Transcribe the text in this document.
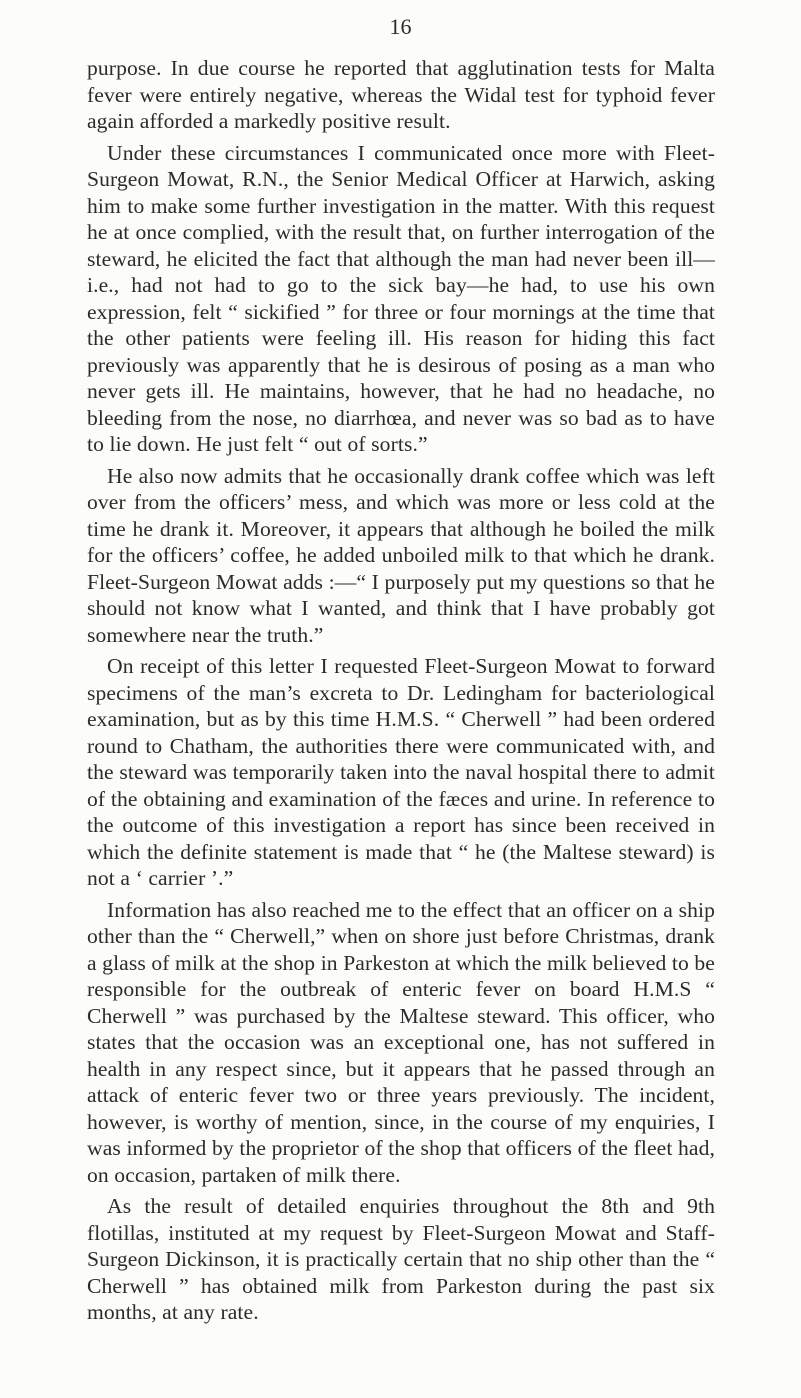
16

purpose. In due course he reported that agglutination tests for Malta fever were entirely negative, whereas the Widal test for typhoid fever again afforded a markedly positive result.

Under these circumstances I communicated once more with Fleet-Surgeon Mowat, R.N., the Senior Medical Officer at Harwich, asking him to make some further investigation in the matter. With this request he at once complied, with the result that, on further interrogation of the steward, he elicited the fact that although the man had never been ill—i.e., had not had to go to the sick bay—he had, to use his own expression, felt “ sickified ” for three or four mornings at the time that the other patients were feeling ill. His reason for hiding this fact previously was apparently that he is desirous of posing as a man who never gets ill. He maintains, however, that he had no headache, no bleeding from the nose, no diarrhœa, and never was so bad as to have to lie down. He just felt “ out of sorts.”

He also now admits that he occasionally drank coffee which was left over from the officers’ mess, and which was more or less cold at the time he drank it. Moreover, it appears that although he boiled the milk for the officers’ coffee, he added unboiled milk to that which he drank. Fleet-Surgeon Mowat adds :—“ I purposely put my questions so that he should not know what I wanted, and think that I have probably got somewhere near the truth.”

On receipt of this letter I requested Fleet-Surgeon Mowat to forward specimens of the man’s excreta to Dr. Ledingham for bacteriological examination, but as by this time H.M.S. “ Cherwell ” had been ordered round to Chatham, the authorities there were communicated with, and the steward was temporarily taken into the naval hospital there to admit of the obtaining and examination of the fæces and urine. In reference to the outcome of this investigation a report has since been received in which the definite statement is made that “ he (the Maltese steward) is not a ‘ carrier ’.”

Information has also reached me to the effect that an officer on a ship other than the “ Cherwell,” when on shore just before Christmas, drank a glass of milk at the shop in Parkeston at which the milk believed to be responsible for the outbreak of enteric fever on board H.M.S “ Cherwell ” was purchased by the Maltese steward. This officer, who states that the occasion was an exceptional one, has not suffered in health in any respect since, but it appears that he passed through an attack of enteric fever two or three years previously. The incident, however, is worthy of mention, since, in the course of my enquiries, I was informed by the proprietor of the shop that officers of the fleet had, on occasion, partaken of milk there.

As the result of detailed enquiries throughout the 8th and 9th flotillas, instituted at my request by Fleet-Surgeon Mowat and Staff-Surgeon Dickinson, it is practically certain that no ship other than the “ Cherwell ” has obtained milk from Parkeston during the past six months, at any rate.
